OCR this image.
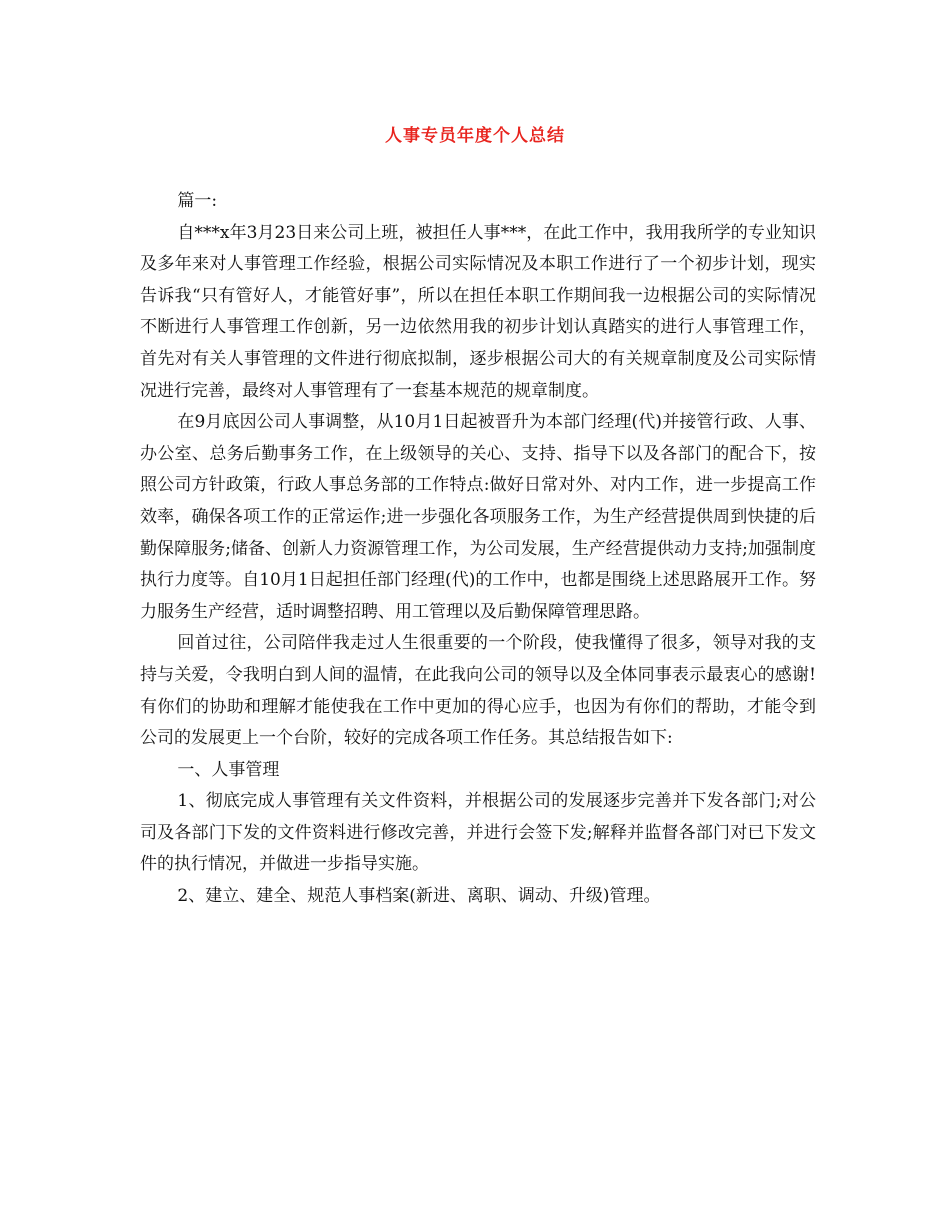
人事专员年度个人总结

篇一:

自***x年3月23日来公司上班，被担任人事***，在此工作中，我用我所学的专业知识及多年来对人事管理工作经验，根据公司实际情况及本职工作进行了一个初步计划，现实告诉我“只有管好人，才能管好事”，所以在担任本职工作期间我一边根据公司的实际情况不断进行人事管理工作创新，另一边依然用我的初步计划认真踏实的进行人事管理工作，首先对有关人事管理的文件进行彻底拟制，逐步根据公司大的有关规章制度及公司实际情况进行完善，最终对人事管理有了一套基本规范的规章制度。

在9月底因公司人事调整，从10月1日起被晋升为本部门经理(代)并接管行政、人事、办公室、总务后勤事务工作，在上级领导的关心、支持、指导下以及各部门的配合下，按照公司方针政策，行政人事总务部的工作特点:做好日常对外、对内工作，进一步提高工作效率，确保各项工作的正常运作;进一步强化各项服务工作，为生产经营提供周到快捷的后勤保障服务;储备、创新人力资源管理工作，为公司发展，生产经营提供动力支持;加强制度执行力度等。自10月1日起担任部门经理(代)的工作中，也都是围绕上述思路展开工作。努力服务生产经营，适时调整招聘、用工管理以及后勤保障管理思路。

回首过往，公司陪伴我走过人生很重要的一个阶段，使我懂得了很多，领导对我的支持与关爱，令我明白到人间的温情，在此我向公司的领导以及全体同事表示最衷心的感谢!有你们的协助和理解才能使我在工作中更加的得心应手，也因为有你们的帮助，才能令到公司的发展更上一个台阶，较好的完成各项工作任务。其总结报告如下:

一、人事管理

1、彻底完成人事管理有关文件资料，并根据公司的发展逐步完善并下发各部门;对公司及各部门下发的文件资料进行修改完善，并进行会签下发;解释并监督各部门对已下发文件的执行情况，并做进一步指导实施。

2、建立、建全、规范人事档案(新进、离职、调动、升级)管理。
